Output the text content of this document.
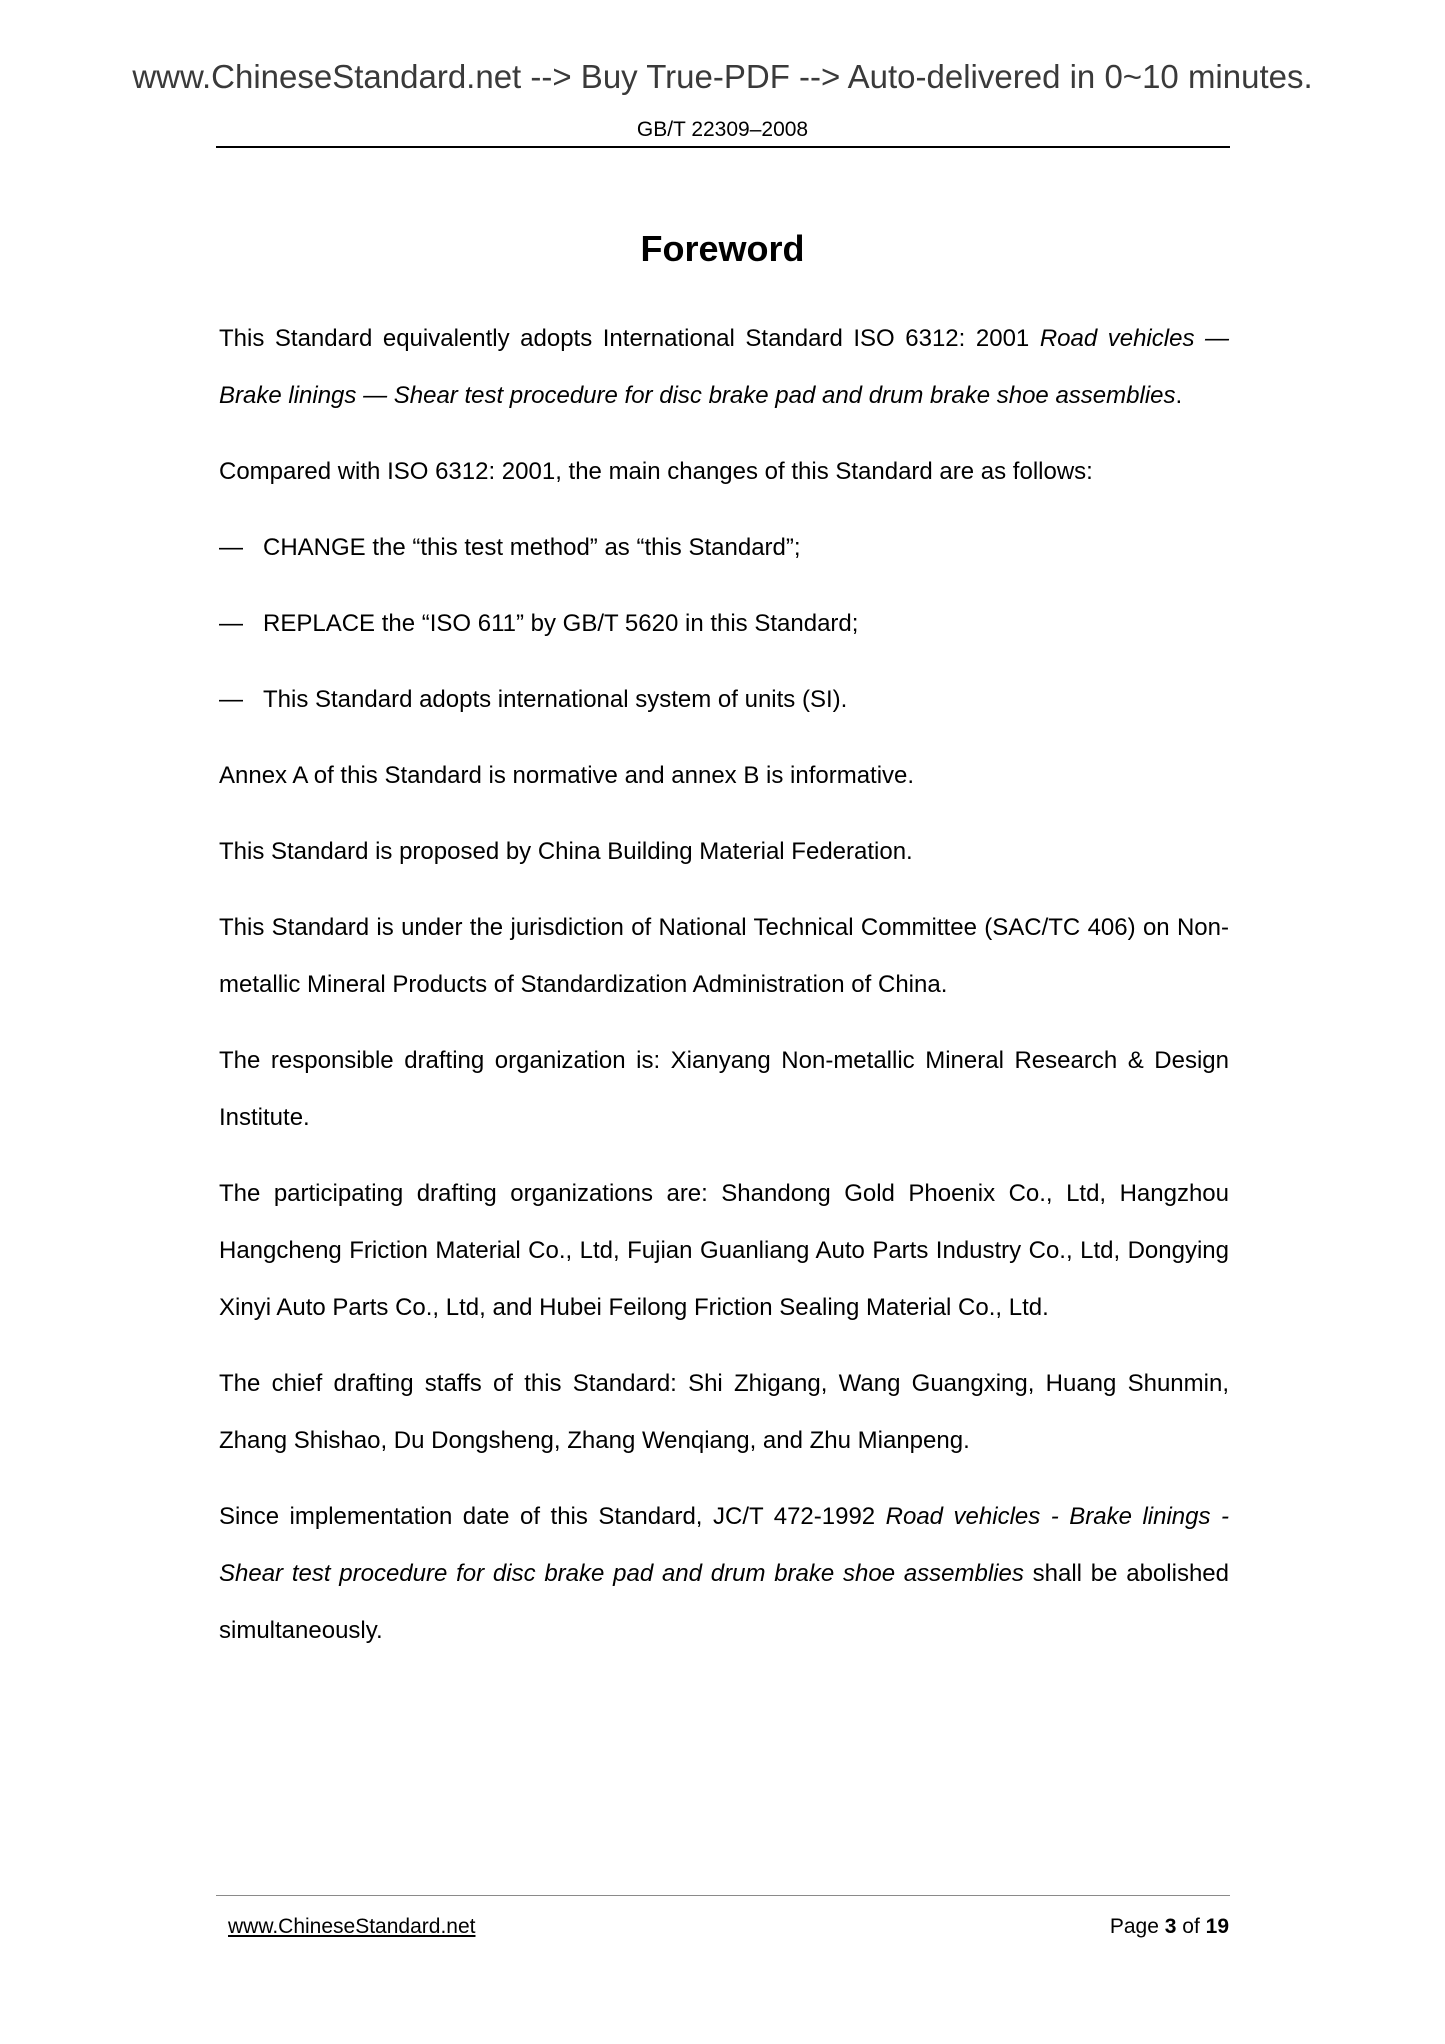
www.ChineseStandard.net --> Buy True-PDF --> Auto-delivered in 0~10 minutes.
GB/T 22309–2008
Foreword

This Standard equivalently adopts International Standard ISO 6312: 2001 Road vehicles — Brake linings — Shear test procedure for disc brake pad and drum brake shoe assemblies.

Compared with ISO 6312: 2001, the main changes of this Standard are as follows:

— CHANGE the “this test method” as “this Standard”;

— REPLACE the “ISO 611” by GB/T 5620 in this Standard;

— This Standard adopts international system of units (SI).

Annex A of this Standard is normative and annex B is informative.

This Standard is proposed by China Building Material Federation.

This Standard is under the jurisdiction of National Technical Committee (SAC/TC 406) on Non-metallic Mineral Products of Standardization Administration of China.

The responsible drafting organization is: Xianyang Non-metallic Mineral Research & Design Institute.

The participating drafting organizations are: Shandong Gold Phoenix Co., Ltd, Hangzhou Hangcheng Friction Material Co., Ltd, Fujian Guanliang Auto Parts Industry Co., Ltd, Dongying Xinyi Auto Parts Co., Ltd, and Hubei Feilong Friction Sealing Material Co., Ltd.

The chief drafting staffs of this Standard: Shi Zhigang, Wang Guangxing, Huang Shunmin, Zhang Shishao, Du Dongsheng, Zhang Wenqiang, and Zhu Mianpeng.

Since implementation date of this Standard, JC/T 472-1992 Road vehicles - Brake linings - Shear test procedure for disc brake pad and drum brake shoe assemblies shall be abolished simultaneously.

www.ChineseStandard.net	Page 3 of 19
